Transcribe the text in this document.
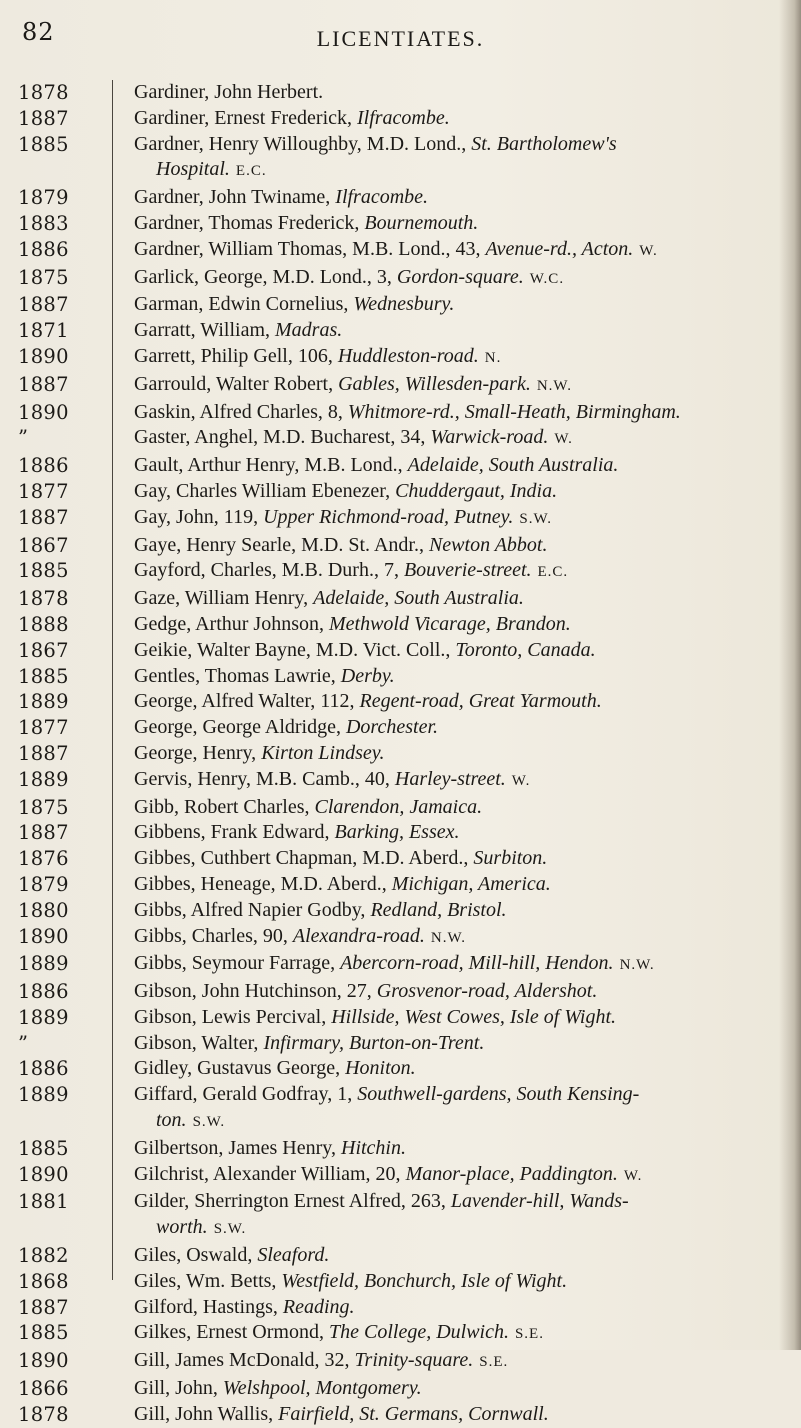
82	LICENTIATES.
1878	Gardiner, John Herbert.
1887	Gardiner, Ernest Frederick, Ilfracombe.
1885	Gardner, Henry Willoughby, M.D. Lond., St. Bartholomew's
Hospital. E.C.
1879	Gardner, John Twiname, Ilfracombe.
1883	Gardner, Thomas Frederick, Bournemouth.
1886	Gardner, William Thomas, M.B. Lond., 43, Avenue-rd., Acton. W.
1875	Garlick, George, M.D. Lond., 3, Gordon-square. W.C.
1887	Garman, Edwin Cornelius, Wednesbury.
1871	Garratt, William, Madras.
1890	Garrett, Philip Gell, 106, Huddleston-road. N.
1887	Garrould, Walter Robert, Gables, Willesden-park. N.W.
1890	Gaskin, Alfred Charles, 8, Whitmore-rd., Small-Heath, Birmingham.
”	Gaster, Anghel, M.D. Bucharest, 34, Warwick-road. W.
1886	Gault, Arthur Henry, M.B. Lond., Adelaide, South Australia.
1877	Gay, Charles William Ebenezer, Chuddergaut, India.
1887	Gay, John, 119, Upper Richmond-road, Putney. S.W.
1867	Gaye, Henry Searle, M.D. St. Andr., Newton Abbot.
1885	Gayford, Charles, M.B. Durh., 7, Bouverie-street. E.C.
1878	Gaze, William Henry, Adelaide, South Australia.
1888	Gedge, Arthur Johnson, Methwold Vicarage, Brandon.
1867	Geikie, Walter Bayne, M.D. Vict. Coll., Toronto, Canada.
1885	Gentles, Thomas Lawrie, Derby.
1889	George, Alfred Walter, 112, Regent-road, Great Yarmouth.
1877	George, George Aldridge, Dorchester.
1887	George, Henry, Kirton Lindsey.
1889	Gervis, Henry, M.B. Camb., 40, Harley-street. W.
1875	Gibb, Robert Charles, Clarendon, Jamaica.
1887	Gibbens, Frank Edward, Barking, Essex.
1876	Gibbes, Cuthbert Chapman, M.D. Aberd., Surbiton.
1879	Gibbes, Heneage, M.D. Aberd., Michigan, America.
1880	Gibbs, Alfred Napier Godby, Redland, Bristol.
1890	Gibbs, Charles, 90, Alexandra-road. N.W.
1889	Gibbs, Seymour Farrage, Abercorn-road, Mill-hill, Hendon. N.W.
1886	Gibson, John Hutchinson, 27, Grosvenor-road, Aldershot.
1889	Gibson, Lewis Percival, Hillside, West Cowes, Isle of Wight.
”	Gibson, Walter, Infirmary, Burton-on-Trent.
1886	Gidley, Gustavus George, Honiton.
1889	Giffard, Gerald Godfray, 1, Southwell-gardens, South Kensing-
ton. S.W.
1885	Gilbertson, James Henry, Hitchin.
1890	Gilchrist, Alexander William, 20, Manor-place, Paddington. W.
1881	Gilder, Sherrington Ernest Alfred, 263, Lavender-hill, Wands-
worth. S.W.
1882	Giles, Oswald, Sleaford.
1868	Giles, Wm. Betts, Westfield, Bonchurch, Isle of Wight.
1887	Gilford, Hastings, Reading.
1885	Gilkes, Ernest Ormond, The College, Dulwich. S.E.
1890	Gill, James McDonald, 32, Trinity-square. S.E.
1866	Gill, John, Welshpool, Montgomery.
1878	Gill, John Wallis, Fairfield, St. Germans, Cornwall.
